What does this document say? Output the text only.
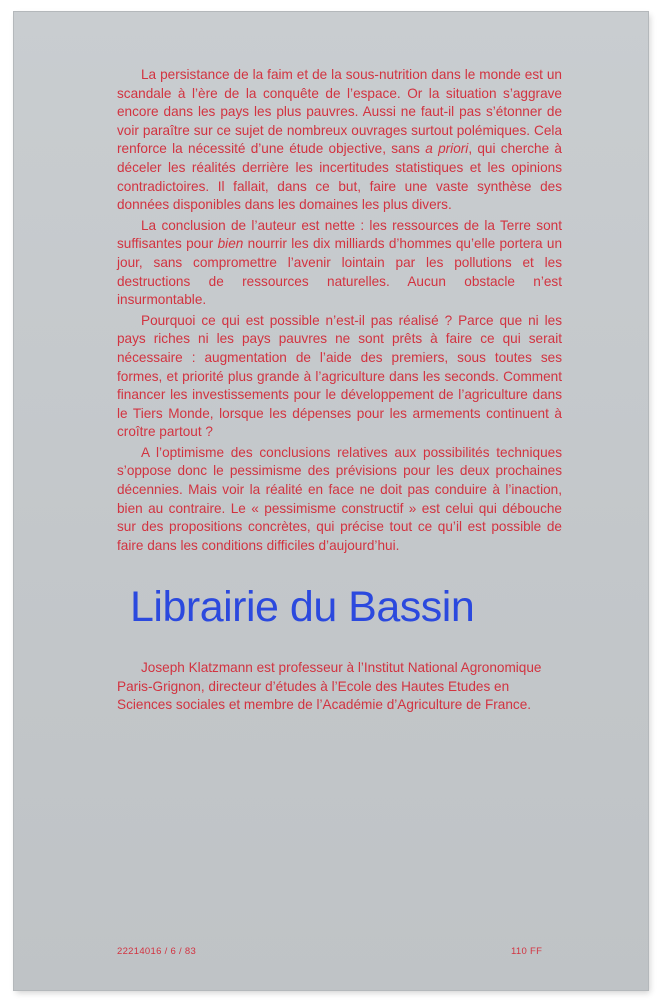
La persistance de la faim et de la sous-nutrition dans le monde est un scandale à l’ère de la conquête de l’espace. Or la situation s’aggrave encore dans les pays les plus pauvres. Aussi ne faut-il pas s’étonner de voir paraître sur ce sujet de nombreux ouvrages surtout polémiques. Cela renforce la nécessité d’une étude objective, sans a priori, qui cherche à déceler les réalités derrière les incertitudes statistiques et les opinions contradictoires. Il fallait, dans ce but, faire une vaste synthèse des données disponibles dans les domaines les plus divers.

La conclusion de l’auteur est nette : les ressources de la Terre sont suffisantes pour bien nourrir les dix milliards d’hommes qu’elle portera un jour, sans compromettre l’avenir lointain par les pollutions et les destructions de ressources naturelles. Aucun obstacle n’est insurmontable.

Pourquoi ce qui est possible n’est-il pas réalisé ? Parce que ni les pays riches ni les pays pauvres ne sont prêts à faire ce qui serait nécessaire : augmentation de l’aide des premiers, sous toutes ses formes, et priorité plus grande à l’agriculture dans les seconds. Comment financer les investissements pour le développement de l’agriculture dans le Tiers Monde, lorsque les dépenses pour les armements continuent à croître partout ?

A l’optimisme des conclusions relatives aux possibilités techniques s’oppose donc le pessimisme des prévisions pour les deux prochaines décennies. Mais voir la réalité en face ne doit pas conduire à l’inaction, bien au contraire. Le « pessimisme constructif » est celui qui débouche sur des propositions concrètes, qui précise tout ce qu’il est possible de faire dans les conditions difficiles d’aujourd’hui.

Joseph Klatzmann est professeur à l’Institut National Agronomique Paris-Grignon, directeur d’études à l’Ecole des Hautes Etudes en Sciences sociales et membre de l’Académie d’Agriculture de France.

Librairie du Bassin
22214016 / 6 / 83	110 FF
